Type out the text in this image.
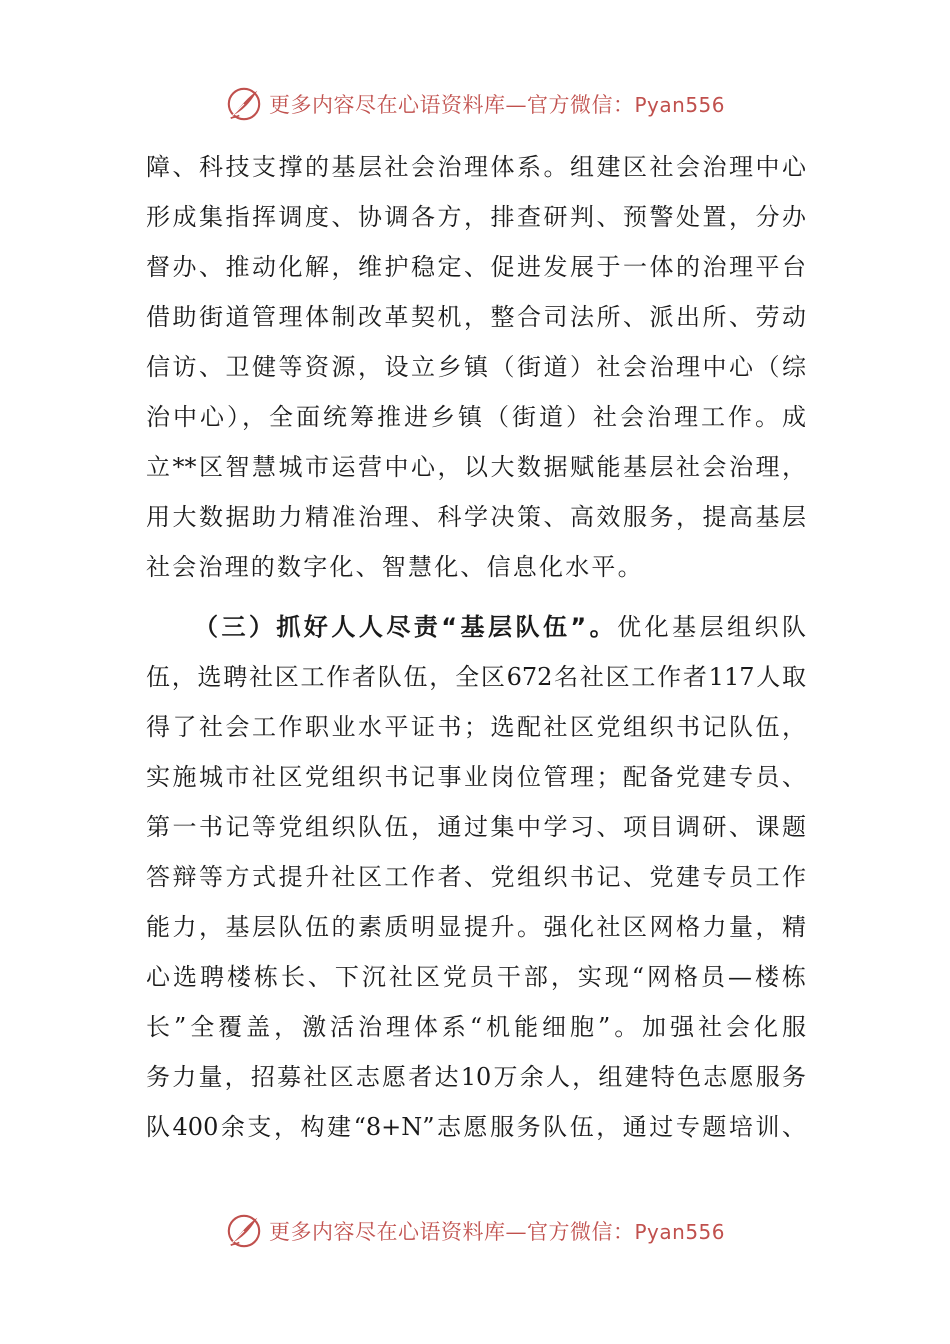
更多内容尽在心语资料库—官方微信：Pyan556
障、科技支撑的基层社会治理体系。组建区社会治理中心
形成集指挥调度、协调各方，排查研判、预警处置，分办
督办、推动化解，维护稳定、促进发展于一体的治理平台
借助街道管理体制改革契机，整合司法所、派出所、劳动
信访、卫健等资源，设立乡镇（街道）社会治理中心（综
治中心），全面统筹推进乡镇（街道）社会治理工作。成
立**区智慧城市运营中心，以大数据赋能基层社会治理，
用大数据助力精准治理、科学决策、高效服务，提高基层
社会治理的数字化、智慧化、信息化水平。
（三）抓好人人尽责“基层队伍”。优化基层组织队
伍，选聘社区工作者队伍，全区672名社区工作者117人取
得了社会工作职业水平证书；选配社区党组织书记队伍，
实施城市社区党组织书记事业岗位管理；配备党建专员、
第一书记等党组织队伍，通过集中学习、项目调研、课题
答辩等方式提升社区工作者、党组织书记、党建专员工作
能力，基层队伍的素质明显提升。强化社区网格力量，精
心选聘楼栋长、下沉社区党员干部，实现“网格员—楼栋
长”全覆盖，激活治理体系“机能细胞”。加强社会化服
务力量，招募社区志愿者达10万余人，组建特色志愿服务
队400余支，构建“8+N”志愿服务队伍，通过专题培训、
更多内容尽在心语资料库—官方微信：Pyan556
